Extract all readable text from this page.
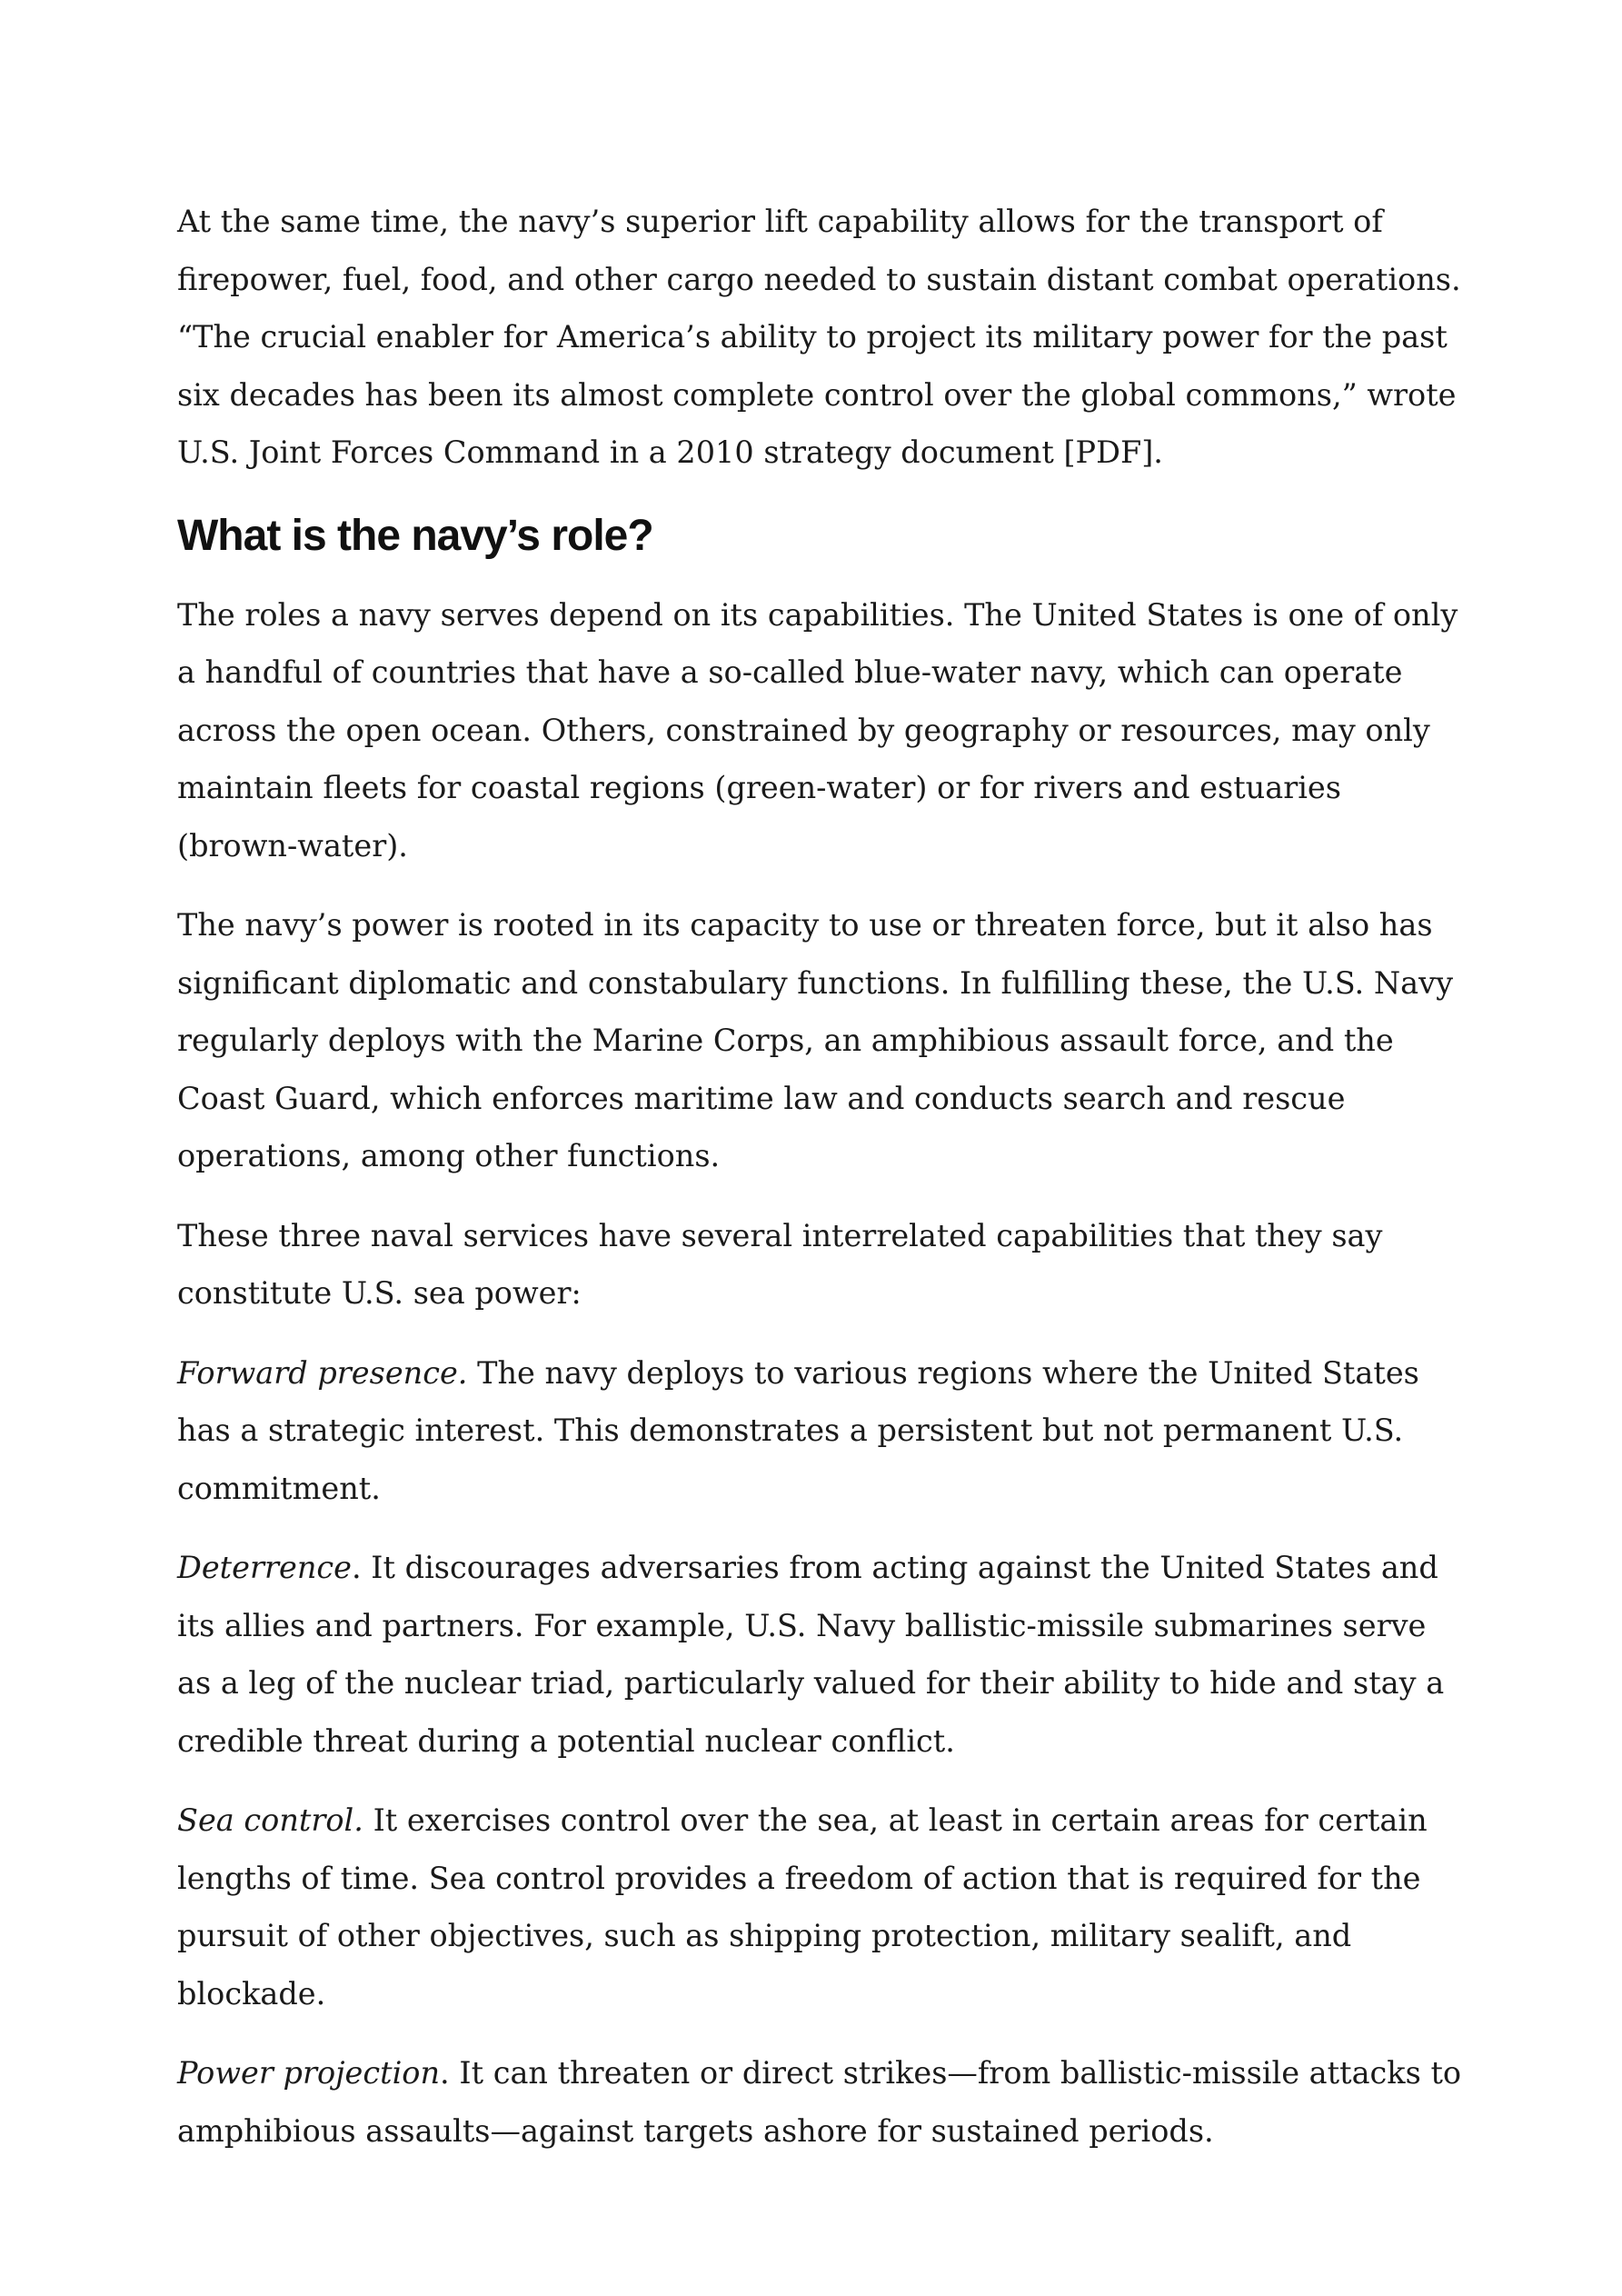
At the same time, the navy’s superior lift capability allows for the transport of firepower, fuel, food, and other cargo needed to sustain distant combat operations. “The crucial enabler for America’s ability to project its military power for the past six decades has been its almost complete control over the global commons,” wrote U.S. Joint Forces Command in a 2010 strategy document [PDF].

What is the navy’s role?

The roles a navy serves depend on its capabilities. The United States is one of only a handful of countries that have a so-called blue-water navy, which can operate across the open ocean. Others, constrained by geography or resources, may only maintain fleets for coastal regions (green-water) or for rivers and estuaries (brown-water).

The navy’s power is rooted in its capacity to use or threaten force, but it also has significant diplomatic and constabulary functions. In fulfilling these, the U.S. Navy regularly deploys with the Marine Corps, an amphibious assault force, and the Coast Guard, which enforces maritime law and conducts search and rescue operations, among other functions.

These three naval services have several interrelated capabilities that they say constitute U.S. sea power:

Forward presence. The navy deploys to various regions where the United States has a strategic interest. This demonstrates a persistent but not permanent U.S. commitment.

Deterrence. It discourages adversaries from acting against the United States and its allies and partners. For example, U.S. Navy ballistic-missile submarines serve as a leg of the nuclear triad, particularly valued for their ability to hide and stay a credible threat during a potential nuclear conflict.

Sea control. It exercises control over the sea, at least in certain areas for certain lengths of time. Sea control provides a freedom of action that is required for the pursuit of other objectives, such as shipping protection, military sealift, and blockade.

Power projection. It can threaten or direct strikes—from ballistic-missile attacks to amphibious assaults—against targets ashore for sustained periods.
